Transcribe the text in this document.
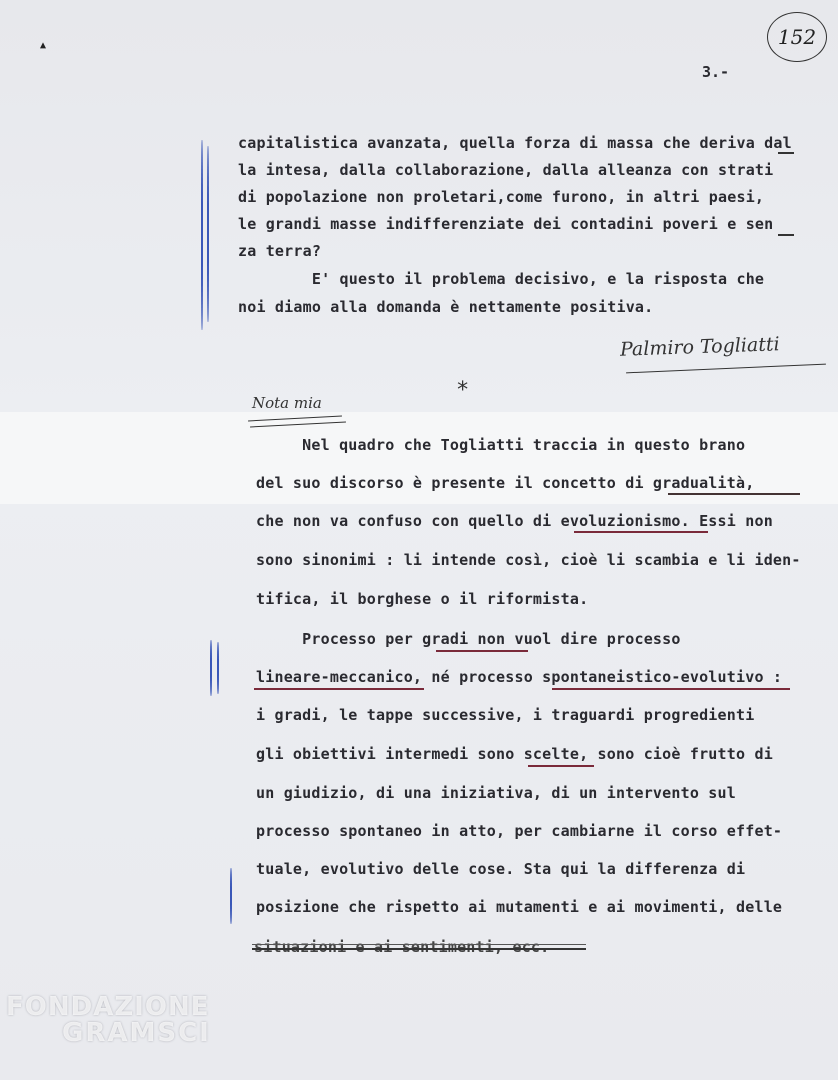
▲	152
3.-

capitalistica avanzata, quella forza di massa che deriva dal

la intesa, dalla collaborazione, dalla alleanza con strati

di popolazione non proletari,come furono, in altri paesi,

le grandi masse indifferenziate dei contadini poveri e sen

za terra?

E' questo il problema decisivo, e la risposta che

noi diamo alla domanda è nettamente positiva.

Palmiro Togliatti
Nota mia	*

Nel quadro che Togliatti traccia in questo brano

del suo discorso è presente il concetto di gradualità,

che non va confuso con quello di evoluzionismo. Essi non

sono sinonimi : li intende così, cioè li scambia e li iden-

tifica, il borghese o il riformista.

Processo per gradi non vuol dire processo

lineare-meccanico, né processo spontaneistico-evolutivo :

i gradi, le tappe successive, i traguardi progredienti

gli obiettivi intermedi sono scelte, sono cioè frutto di

un giudizio, di una iniziativa, di un intervento sul

processo spontaneo in atto, per cambiarne il corso effet-

tuale, evolutivo delle cose. Sta qui la differenza di

posizione che rispetto ai mutamenti e ai movimenti, delle

situazioni e ai sentimenti, ecc.
FONDAZIONE
GRAMSCI
